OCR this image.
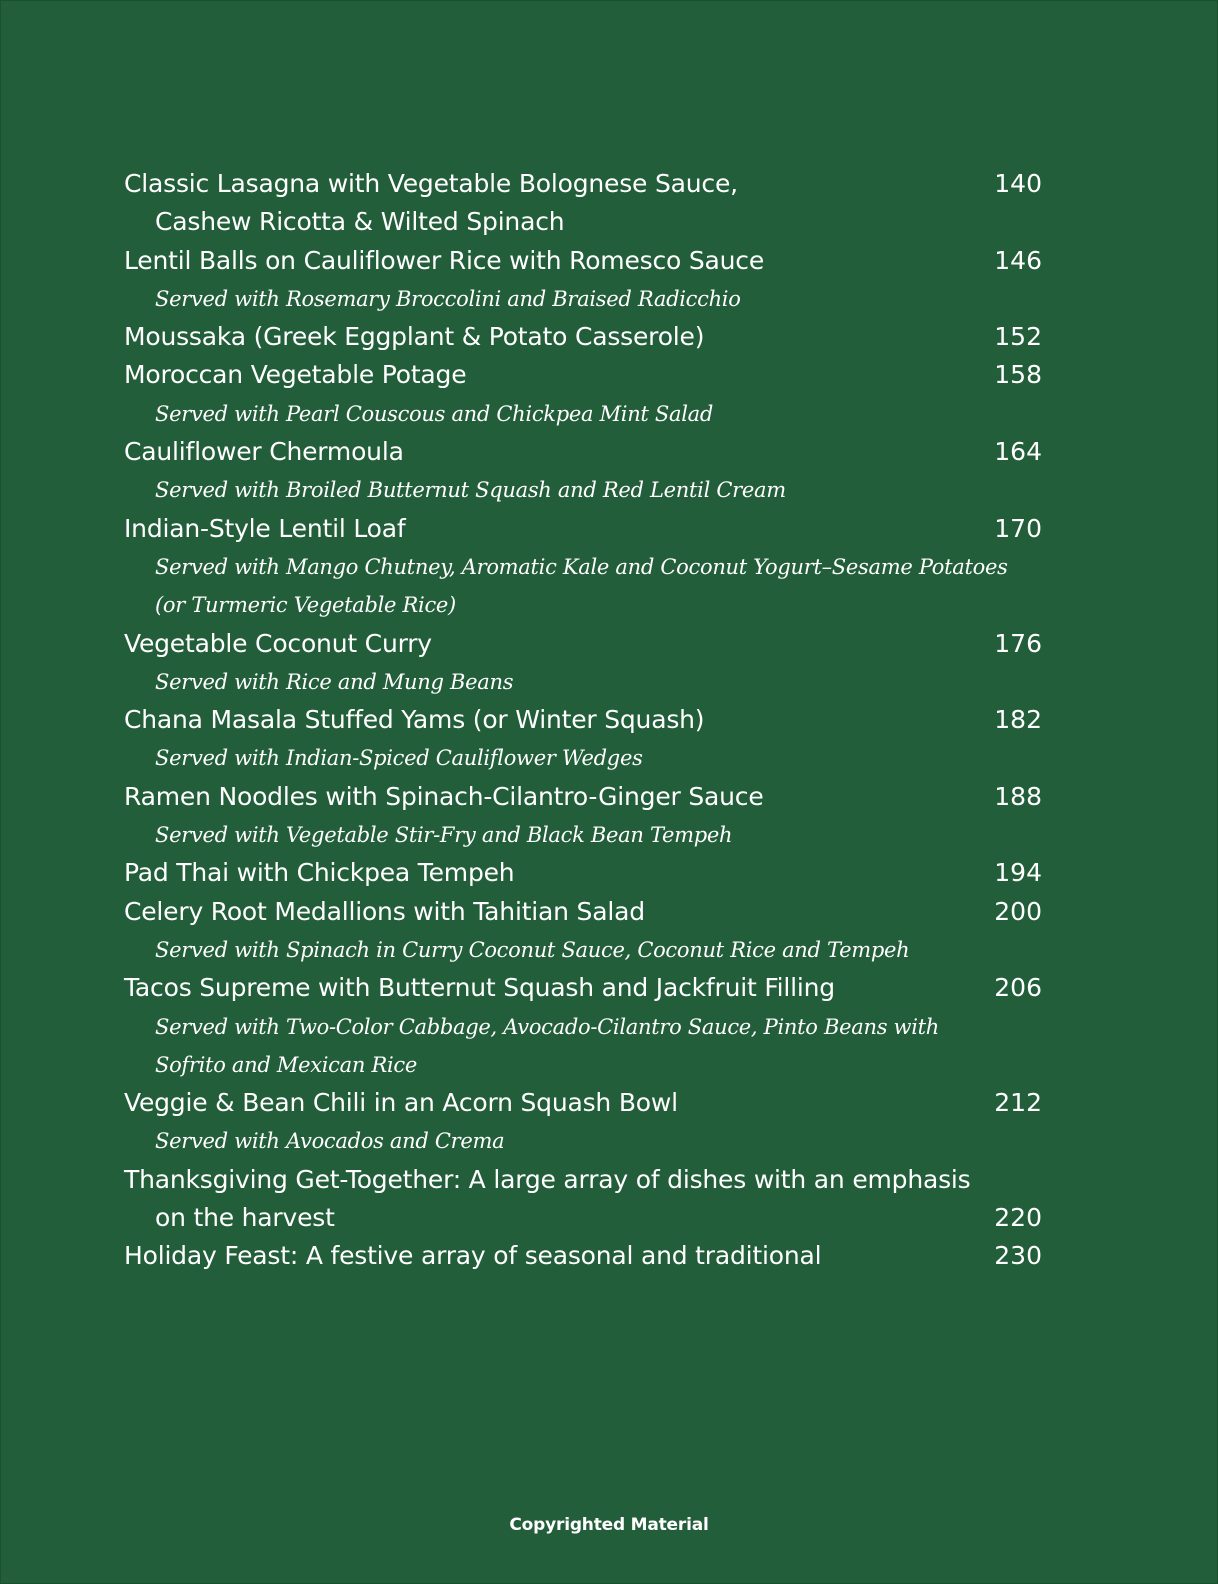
Classic Lasagna with Vegetable Bolognese Sauce,	140
Cashew Ricotta & Wilted Spinach
Lentil Balls on Cauliflower Rice with Romesco Sauce	146
Served with Rosemary Broccolini and Braised Radicchio
Moussaka (Greek Eggplant & Potato Casserole)	152
Moroccan Vegetable Potage	158
Served with Pearl Couscous and Chickpea Mint Salad
Cauliflower Chermoula	164
Served with Broiled Butternut Squash and Red Lentil Cream
Indian-Style Lentil Loaf	170
Served with Mango Chutney, Aromatic Kale and Coconut Yogurt–Sesame Potatoes
(or Turmeric Vegetable Rice)
Vegetable Coconut Curry	176
Served with Rice and Mung Beans
Chana Masala Stuffed Yams (or Winter Squash)	182
Served with Indian-Spiced Cauliflower Wedges
Ramen Noodles with Spinach-Cilantro-Ginger Sauce	188
Served with Vegetable Stir-Fry and Black Bean Tempeh
Pad Thai with Chickpea Tempeh	194
Celery Root Medallions with Tahitian Salad	200
Served with Spinach in Curry Coconut Sauce, Coconut Rice and Tempeh
Tacos Supreme with Butternut Squash and Jackfruit Filling	206
Served with Two-Color Cabbage, Avocado-Cilantro Sauce, Pinto Beans with
Sofrito and Mexican Rice
Veggie & Bean Chili in an Acorn Squash Bowl	212
Served with Avocados and Crema
Thanksgiving Get-Together: A large array of dishes with an emphasis
on the harvest	220
Holiday Feast: A festive array of seasonal and traditional	230
Copyrighted Material
